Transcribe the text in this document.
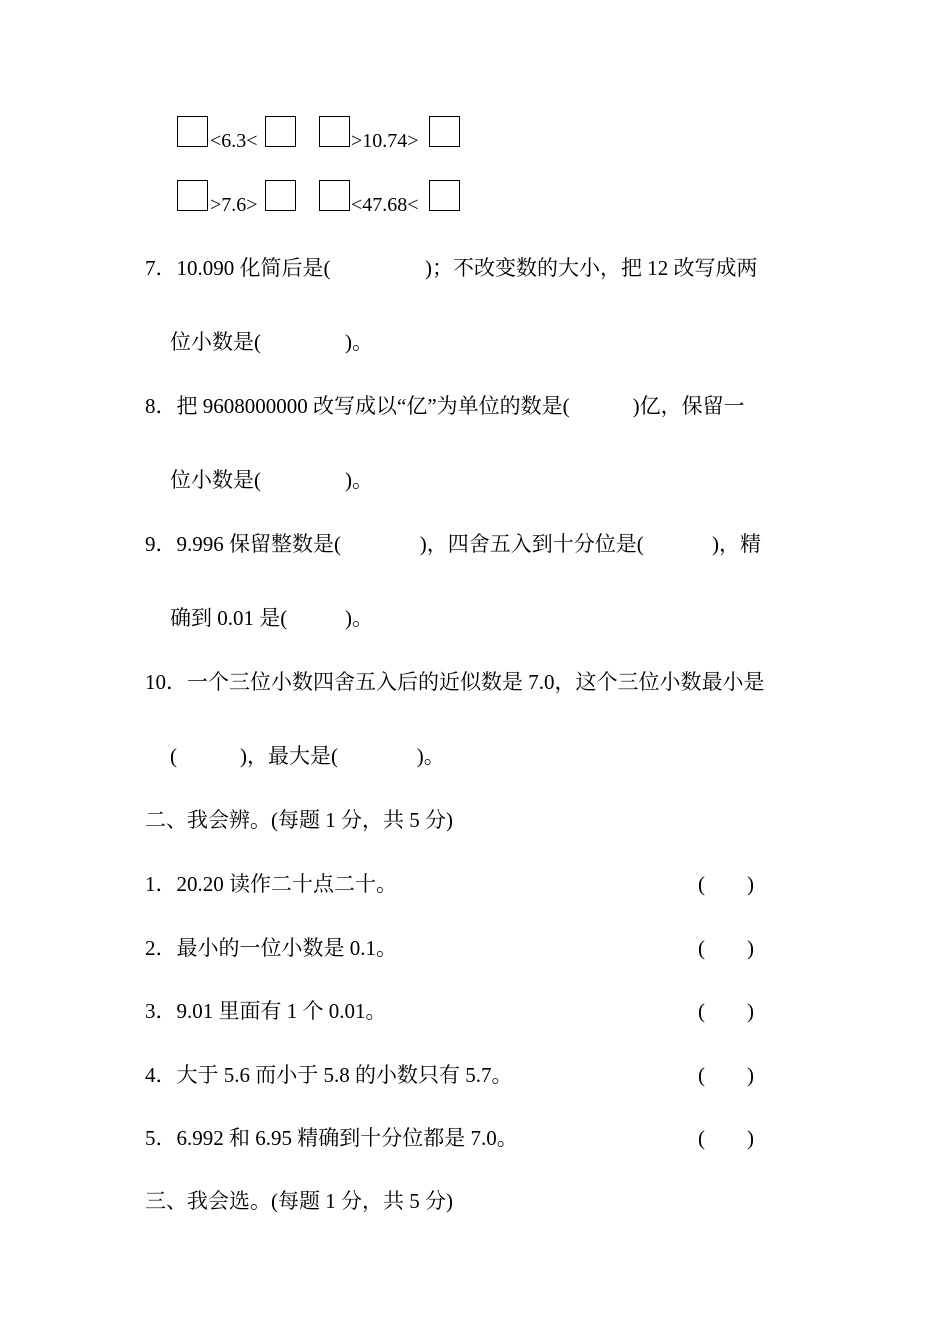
<6.3<	>10.74>
>7.6>	<47.68<
7．10.090 化简后是(                  )；不改变数的大小，把 12 改写成两
位小数是(                )。
8．把 9608000000 改写成以“亿”为单位的数是(            )亿，保留一
位小数是(                )。
9．9.996 保留整数是(               )，四舍五入到十分位是(             )，精
确到 0.01 是(           )。
10．一个三位小数四舍五入后的近似数是 7.0，这个三位小数最小是
(            )，最大是(               )。
二、我会辨。(每题 1 分，共 5 分)
1．20.20 读作二十点二十。	(        )
2．最小的一位小数是 0.1。	(        )
3．9.01 里面有 1 个 0.01。	(        )
4．大于 5.6 而小于 5.8 的小数只有 5.7。	(        )
5．6.992 和 6.95 精确到十分位都是 7.0。	(        )
三、我会选。(每题 1 分，共 5 分)
